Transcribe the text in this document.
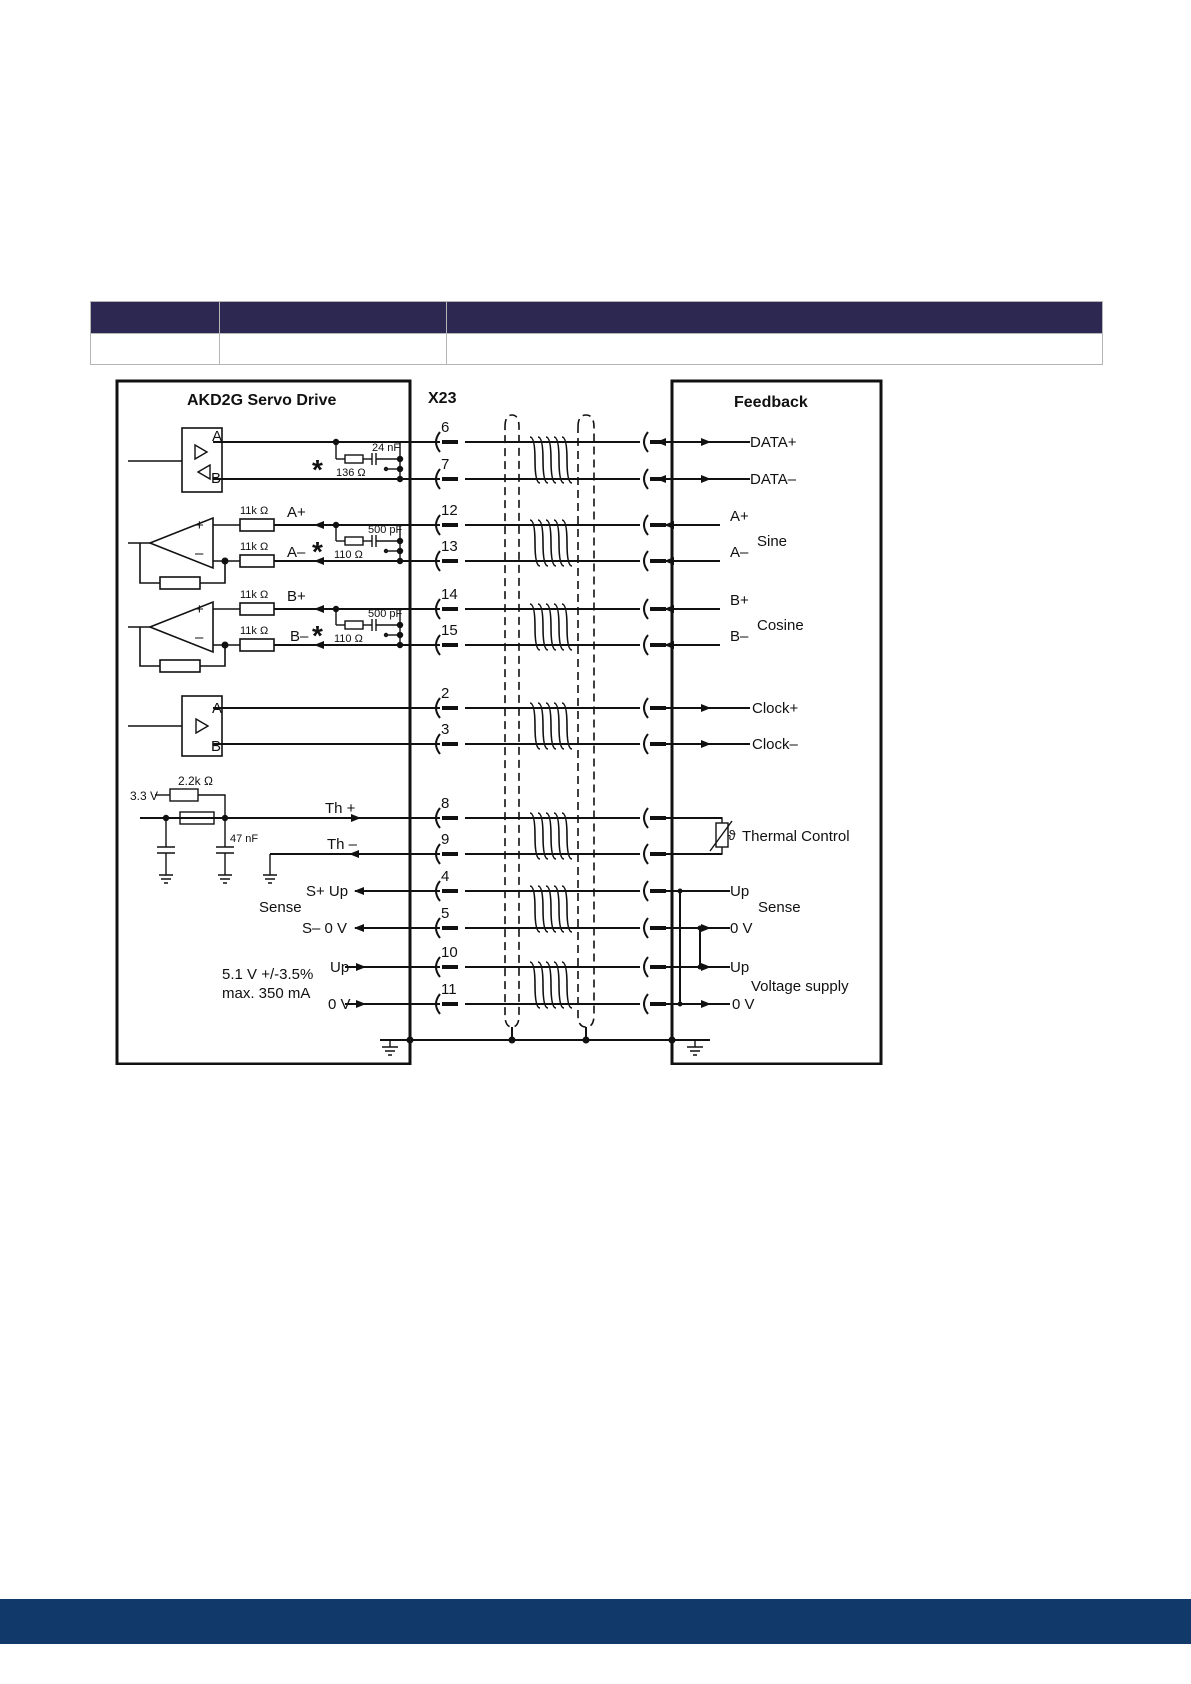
AKD2G Servo Drive	X23	Feedback
6
7
12
13
14
15
2
3
8
9
4
5
10
11
A
B	*
24 nF
136 Ω
+
–
11k Ω
11k Ω
A+
A– *
500 pF
110 Ω
+
–
11k Ω
11k Ω
B+
B– *
500 pF
110 Ω
A
B
3.3 V
2.2k Ω
47 nF
Th +
Th –
S+ Up
Sense
S– 0 V
5.1 V +/-3.5%
max. 350 mA
Up
0 V
ϑ
DATA+
DATA–
A+
A–
Sine
B+
B–
Cosine
Clock+
Clock–
Thermal Control
Up
Sense
0 V
Up
Voltage supply
0 V
